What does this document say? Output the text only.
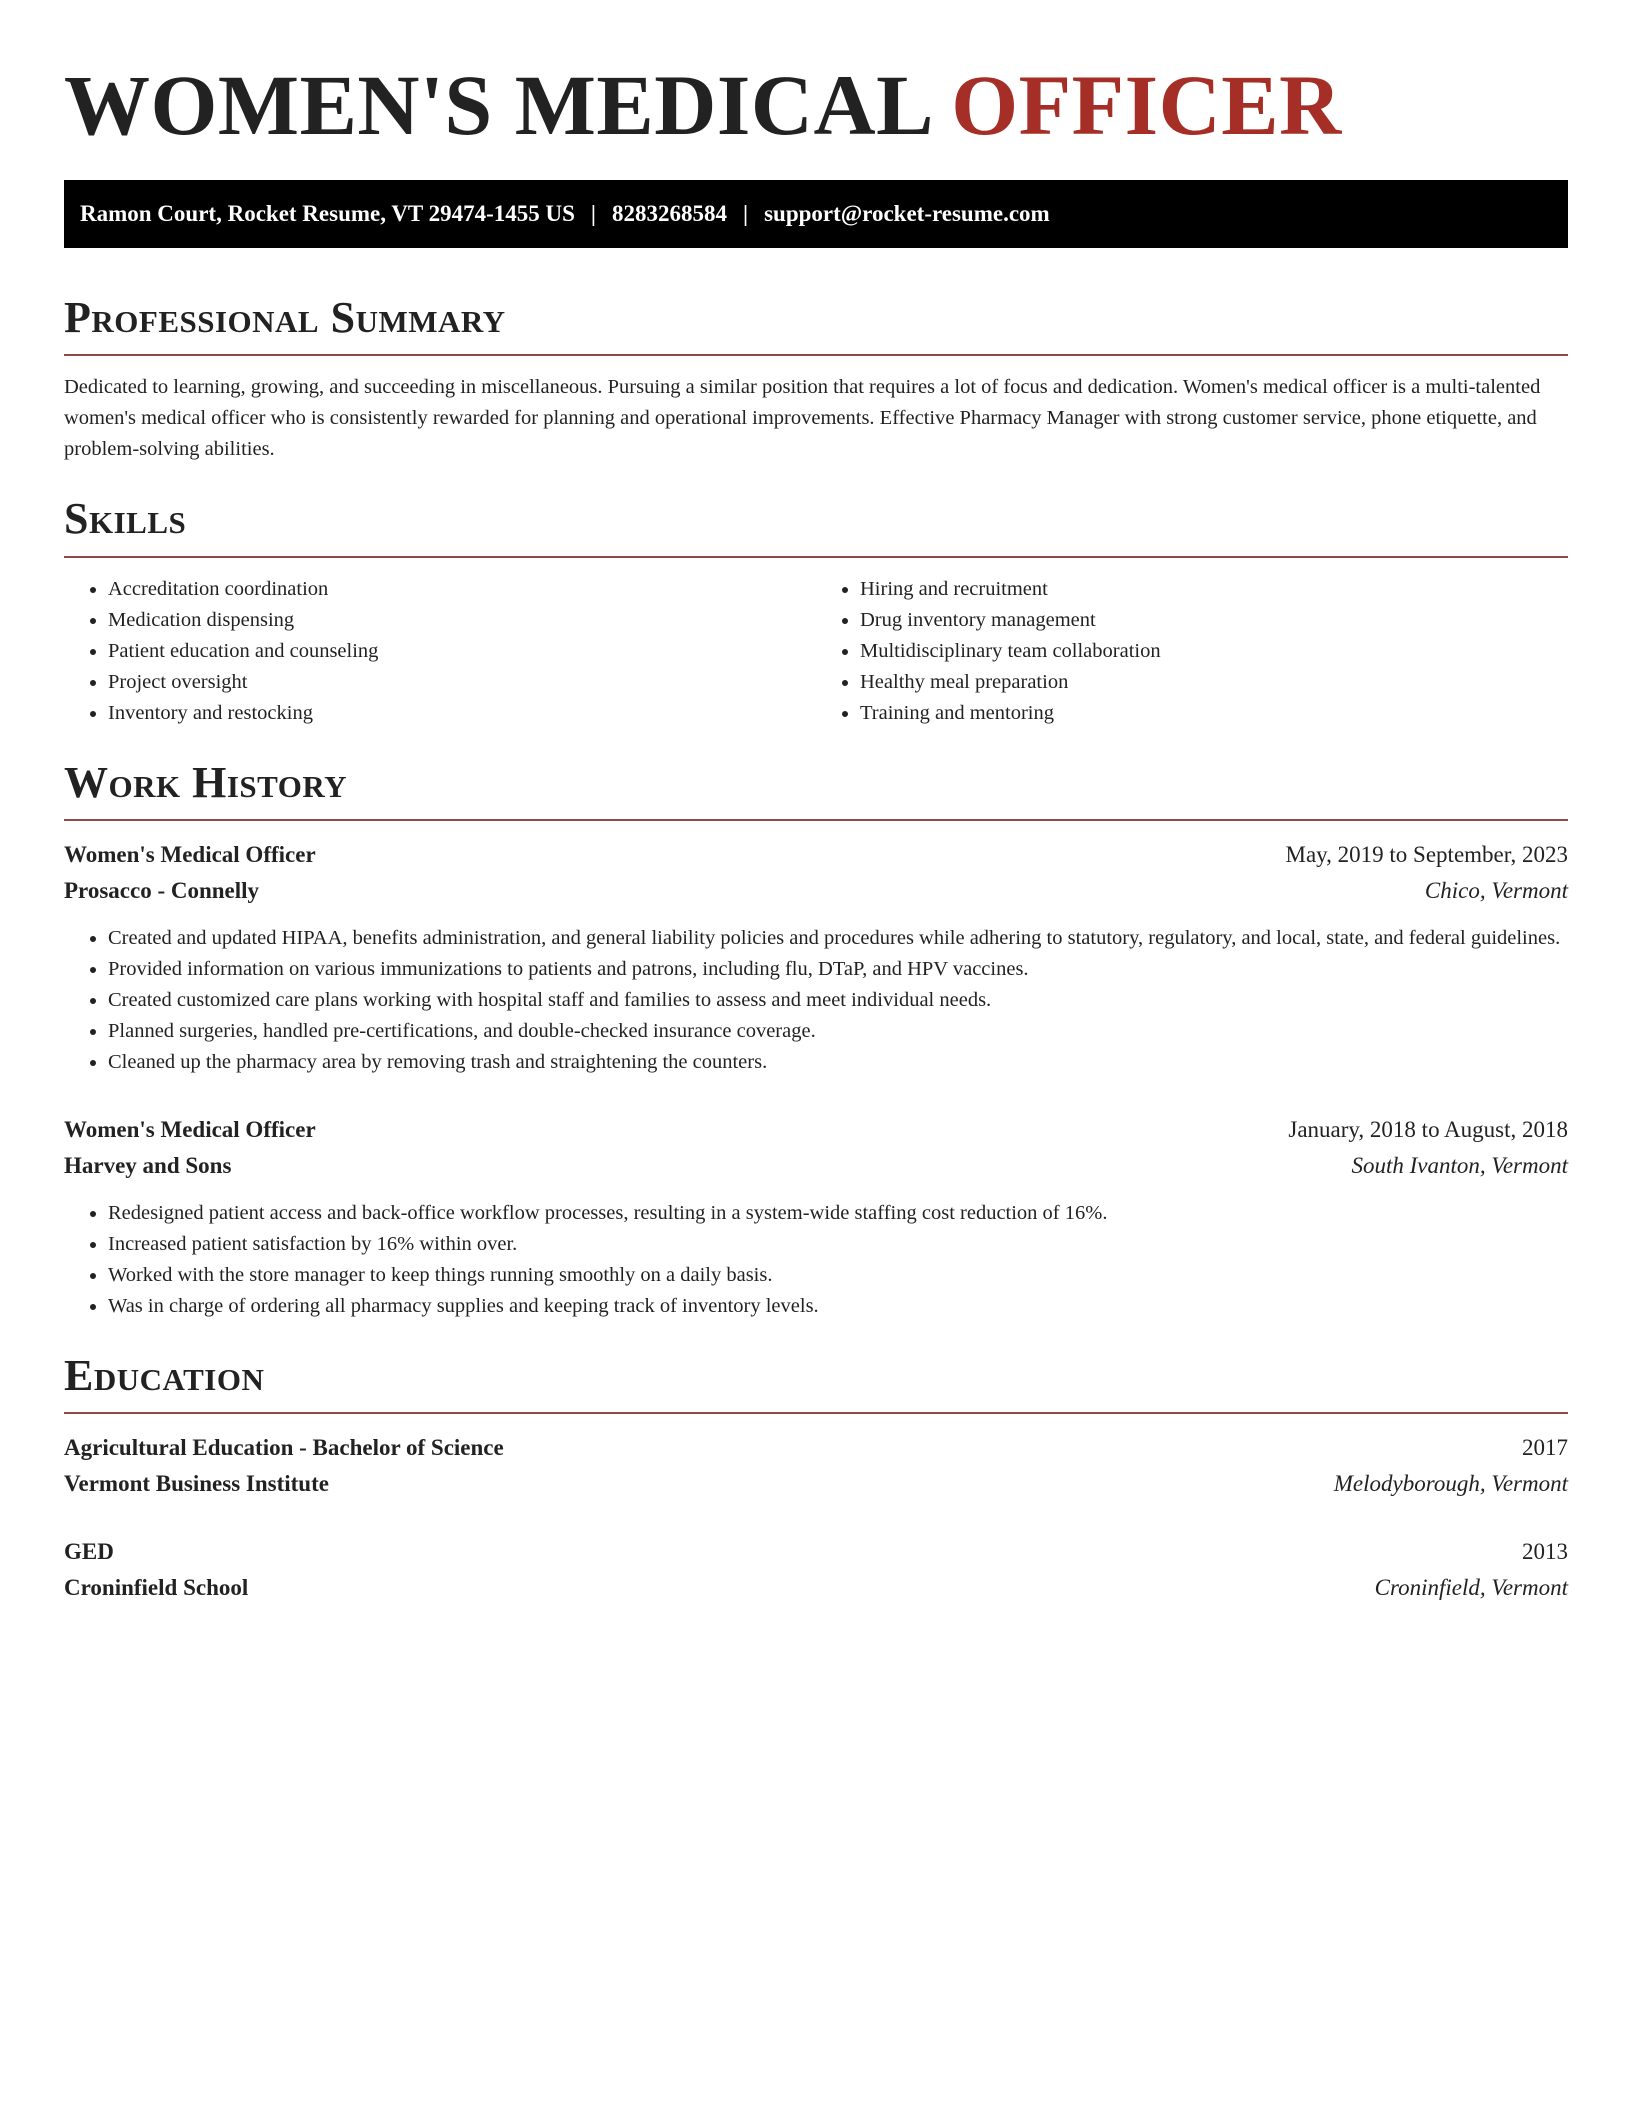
WOMEN'S MEDICAL OFFICER
Ramon Court, Rocket Resume, VT 29474-1455 US | 8283268584 | support@rocket-resume.com
Professional Summary

Dedicated to learning, growing, and succeeding in miscellaneous. Pursuing a similar position that requires a lot of focus and dedication. Women's medical officer is a multi-talented women's medical officer who is consistently rewarded for planning and operational improvements. Effective Pharmacy Manager with strong customer service, phone etiquette, and problem-solving abilities.

Skills
• Accreditation coordination
• Medication dispensing
• Patient education and counseling
• Project oversight
• Inventory and restocking
• Hiring and recruitment
• Drug inventory management
• Multidisciplinary team collaboration
• Healthy meal preparation
• Training and mentoring
Work History
Women's Medical Officer	May, 2019 to September, 2023
Prosacco - Connelly	Chico, Vermont
• Created and updated HIPAA, benefits administration, and general liability policies and procedures while adhering to statutory, regulatory, and local, state, and federal guidelines.
• Provided information on various immunizations to patients and patrons, including flu, DTaP, and HPV vaccines.
• Created customized care plans working with hospital staff and families to assess and meet individual needs.
• Planned surgeries, handled pre-certifications, and double-checked insurance coverage.
• Cleaned up the pharmacy area by removing trash and straightening the counters.
Women's Medical Officer	January, 2018 to August, 2018
Harvey and Sons	South Ivanton, Vermont
• Redesigned patient access and back-office workflow processes, resulting in a system-wide staffing cost reduction of 16%.
• Increased patient satisfaction by 16% within over.
• Worked with the store manager to keep things running smoothly on a daily basis.
• Was in charge of ordering all pharmacy supplies and keeping track of inventory levels.
Education
Agricultural Education - Bachelor of Science	2017
Vermont Business Institute	Melodyborough, Vermont
GED	2013
Croninfield School	Croninfield, Vermont
